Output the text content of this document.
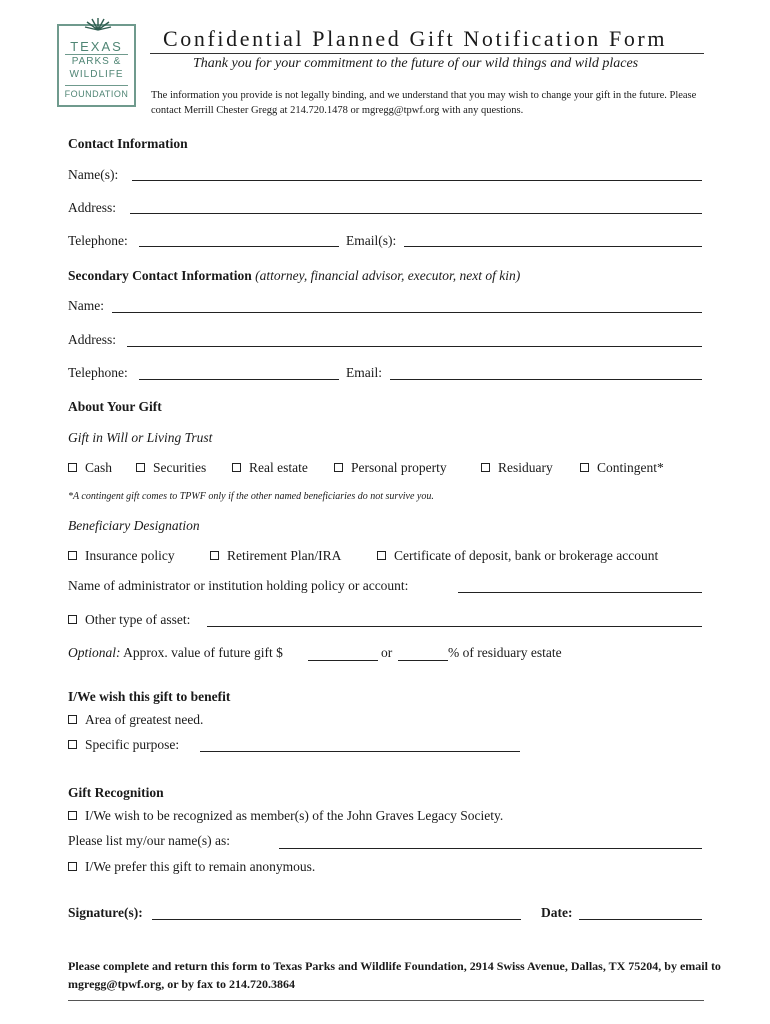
TEXAS
PARKS &
WILDLIFE
FOUNDATION
Confidential Planned Gift Notification Form
Thank you for your commitment to the future of our wild things and wild places
The information you provide is not legally binding, and we understand that you may wish to change your gift in the future. Please contact Merrill Chester Gregg at 214.720.1478 or mgregg@tpwf.org with any questions.
Contact Information
Name(s):
Address:
Telephone:	Email(s):
Secondary Contact Information (attorney, financial advisor, executor, next of kin)
Name:
Address:
Telephone:	Email:
About Your Gift
Gift in Will or Living Trust
Cash	Securities	Real estate	Personal property	Residuary	Contingent*
*A contingent gift comes to TPWF only if the other named beneficiaries do not survive you.
Beneficiary Designation
Insurance policy	Retirement Plan/IRA	Certificate of deposit, bank or brokerage account
Name of administrator or institution holding policy or account:
Other type of asset:
Optional: Approx. value of future gift $	or	% of residuary estate
I/We wish this gift to benefit
Area of greatest need.
Specific purpose:
Gift Recognition
I/We wish to be recognized as member(s) of the John Graves Legacy Society.
Please list my/our name(s) as:
I/We prefer this gift to remain anonymous.
Signature(s):	Date:
Please complete and return this form to Texas Parks and Wildlife Foundation, 2914 Swiss Avenue, Dallas, TX 75204, by email to mgregg@tpwf.org, or by fax to 214.720.3864
